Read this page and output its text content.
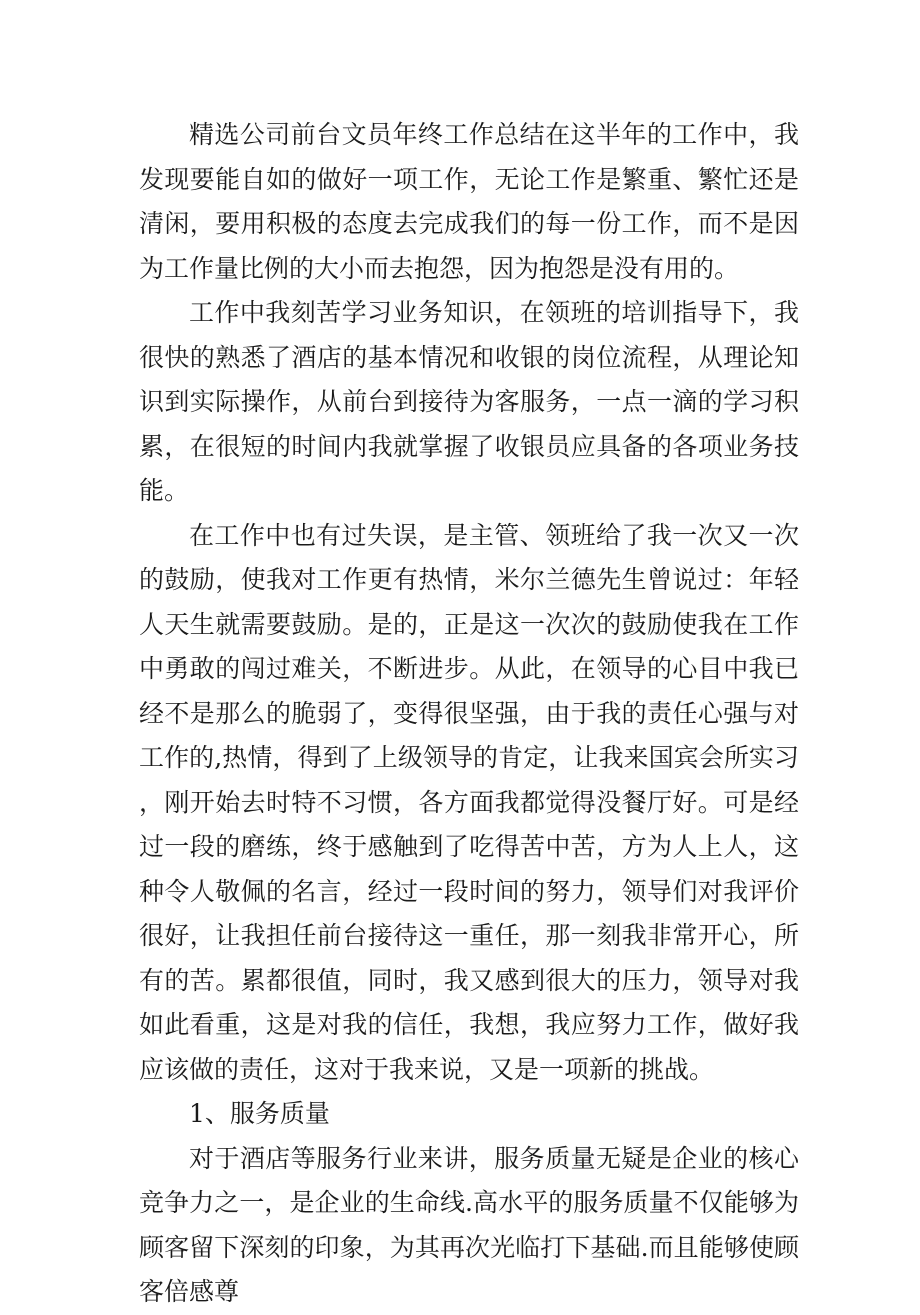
精选公司前台文员年终工作总结在这半年的工作中，我发现要能自如的做好一项工作，无论工作是繁重、繁忙还是清闲，要用积极的态度去完成我们的每一份工作，而不是因为工作量比例的大小而去抱怨，因为抱怨是没有用的。

工作中我刻苦学习业务知识，在领班的培训指导下，我很快的熟悉了酒店的基本情况和收银的岗位流程，从理论知识到实际操作，从前台到接待为客服务，一点一滴的学习积累，在很短的时间内我就掌握了收银员应具备的各项业务技能。

在工作中也有过失误，是主管、领班给了我一次又一次的鼓励，使我对工作更有热情，米尔兰德先生曾说过：年轻人天生就需要鼓励。是的，正是这一次次的鼓励使我在工作中勇敢的闯过难关，不断进步。从此，在领导的心目中我已经不是那么的脆弱了，变得很坚强，由于我的责任心强与对工作的,热情，得到了上级领导的肯定，让我来国宾会所实习，刚开始去时特不习惯，各方面我都觉得没餐厅好。可是经过一段的磨练，终于感触到了吃得苦中苦，方为人上人，这种令人敬佩的名言，经过一段时间的努力，领导们对我评价很好，让我担任前台接待这一重任，那一刻我非常开心，所有的苦。累都很值，同时，我又感到很大的压力，领导对我如此看重，这是对我的信任，我想，我应努力工作，做好我应该做的责任，这对于我来说，又是一项新的挑战。

1、服务质量

对于酒店等服务行业来讲，服务质量无疑是企业的核心竞争力之一，是企业的生命线.高水平的服务质量不仅能够为顾客留下深刻的印象，为其再次光临打下基础.而且能够使顾客倍感尊
